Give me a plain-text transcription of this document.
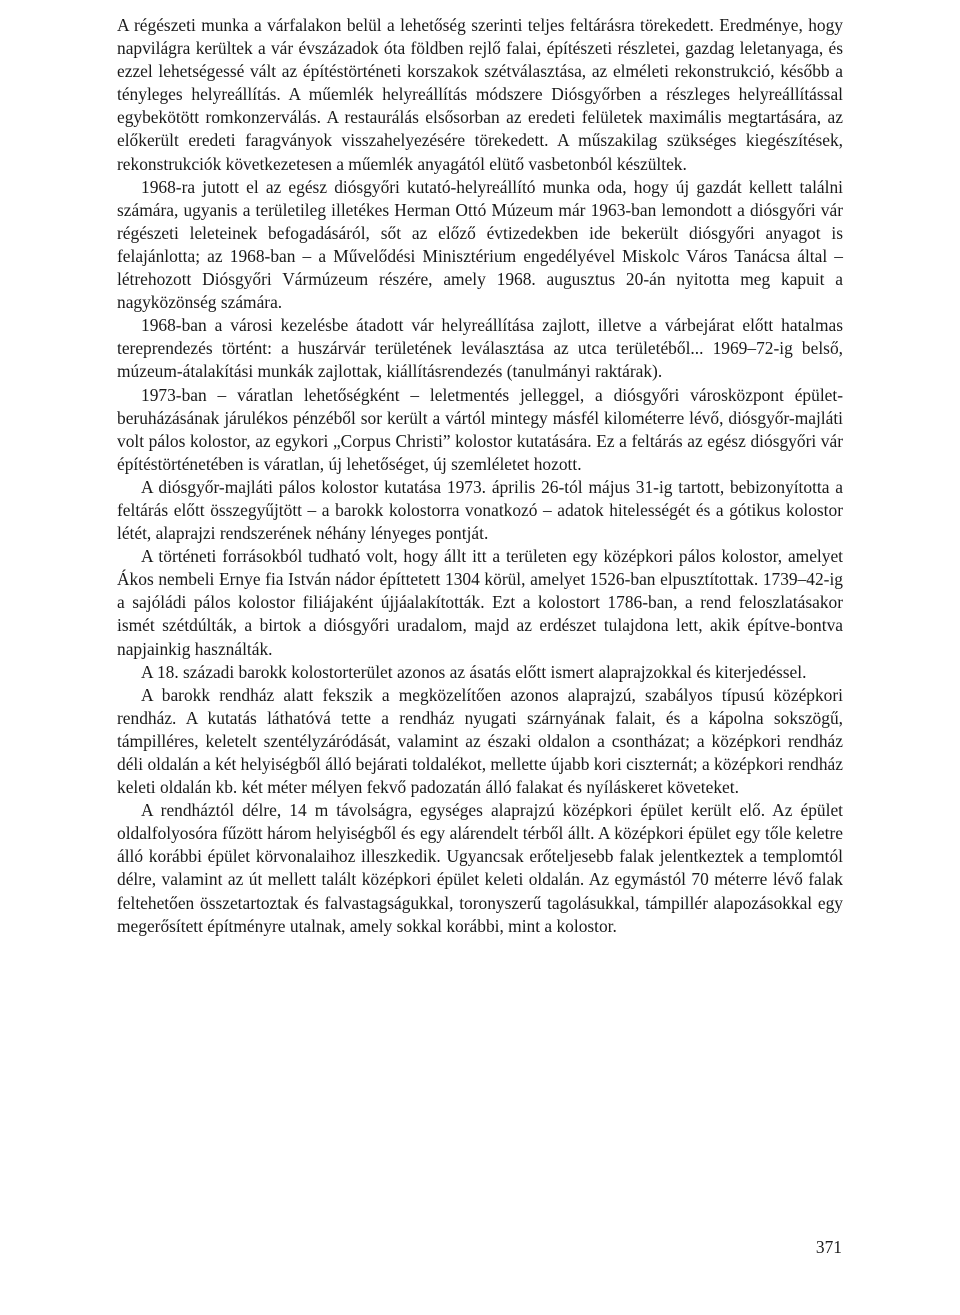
A régészeti munka a várfalakon belül a lehetőség szerinti teljes feltárásra törekedett. Eredménye, hogy napvilágra kerültek a vár évszázadok óta földben rejlő falai, építészeti részletei, gazdag leletanyaga, és ezzel lehetségessé vált az építéstörténeti korszakok szétválasztása, az elméleti rekonstrukció, később a tényleges helyreállítás. A műemlék helyreállítás módszere Diósgyőrben a részleges helyreállítással egybekötött romkonzerválás. A restaurálás elsősorban az eredeti felületek maximális megtartására, az előkerült eredeti faragványok visszahelyezésére törekedett. A műszakilag szükséges kiegészítések, rekonstrukciók következetesen a műemlék anyagától elütő vasbetonból készültek.

1968-ra jutott el az egész diósgyőri kutató-helyreállító munka oda, hogy új gazdát kellett találni számára, ugyanis a területileg illetékes Herman Ottó Múzeum már 1963-ban lemondott a diósgyőri vár régészeti leleteinek befogadásáról, sőt az előző évtizedekben ide bekerült diósgyőri anyagot is felajánlotta; az 1968-ban – a Művelődési Minisztérium engedélyével Miskolc Város Tanácsa által – létrehozott Diósgyőri Vármúzeum részére, amely 1968. augusztus 20-án nyitotta meg kapuit a nagyközönség számára.

1968-ban a városi kezelésbe átadott vár helyreállítása zajlott, illetve a várbejárat előtt hatalmas tereprendezés történt: a huszárvár területének leválasztása az utca területéből... 1969–72-ig belső, múzeum-átalakítási munkák zajlottak, kiállításrendezés (tanulmányi raktárak).

1973-ban – váratlan lehetőségként – leletmentés jelleggel, a diósgyőri városközpont épület-beruházásának járulékos pénzéből sor került a vártól mintegy másfél kilométerre lévő, diósgyőr-majláti volt pálos kolostor, az egykori „Corpus Christi” kolostor kutatására. Ez a feltárás az egész diósgyőri vár építéstörténetében is váratlan, új lehetőséget, új szemléletet hozott.

A diósgyőr-majláti pálos kolostor kutatása 1973. április 26-tól május 31-ig tartott, bebizonyította a feltárás előtt összegyűjtött – a barokk kolostorra vonatkozó – adatok hitelességét és a gótikus kolostor létét, alaprajzi rendszerének néhány lényeges pontját.

A történeti forrásokból tudható volt, hogy állt itt a területen egy középkori pálos kolostor, amelyet Ákos nembeli Ernye fia István nádor építtetett 1304 körül, amelyet 1526-ban elpusztítottak. 1739–42-ig a sajóládi pálos kolostor filiájaként újjáalakították. Ezt a kolostort 1786-ban, a rend feloszlatásakor ismét szétdúlták, a birtok a diósgyőri uradalom, majd az erdészet tulajdona lett, akik építve-bontva napjainkig használták.

A 18. századi barokk kolostorterület azonos az ásatás előtt ismert alaprajzokkal és kiterjedéssel.

A barokk rendház alatt fekszik a megközelítően azonos alaprajzú, szabályos típusú középkori rendház. A kutatás láthatóvá tette a rendház nyugati szárnyának falait, és a kápolna sokszögű, támpilléres, keletelt szentélyzáródását, valamint az északi oldalon a csontházat; a középkori rendház déli oldalán a két helyiségből álló bejárati toldalékot, mellette újabb kori ciszternát; a középkori rendház keleti oldalán kb. két méter mélyen fekvő padozatán álló falakat és nyíláskeret követeket.

A rendháztól délre, 14 m távolságra, egységes alaprajzú középkori épület került elő. Az épület oldalfolyosóra fűzött három helyiségből és egy alárendelt térből állt. A középkori épület egy tőle keletre álló korábbi épület körvonalaihoz illeszkedik. Ugyancsak erőteljesebb falak jelentkeztek a templomtól délre, valamint az út mellett talált középkori épület keleti oldalán. Az egymástól 70 méterre lévő falak feltehetően összetartoztak és falvastagságukkal, toronyszerű tagolásukkal, támpillér alapozásokkal egy megerősített építményre utalnak, amely sokkal korábbi, mint a kolostor.

371
